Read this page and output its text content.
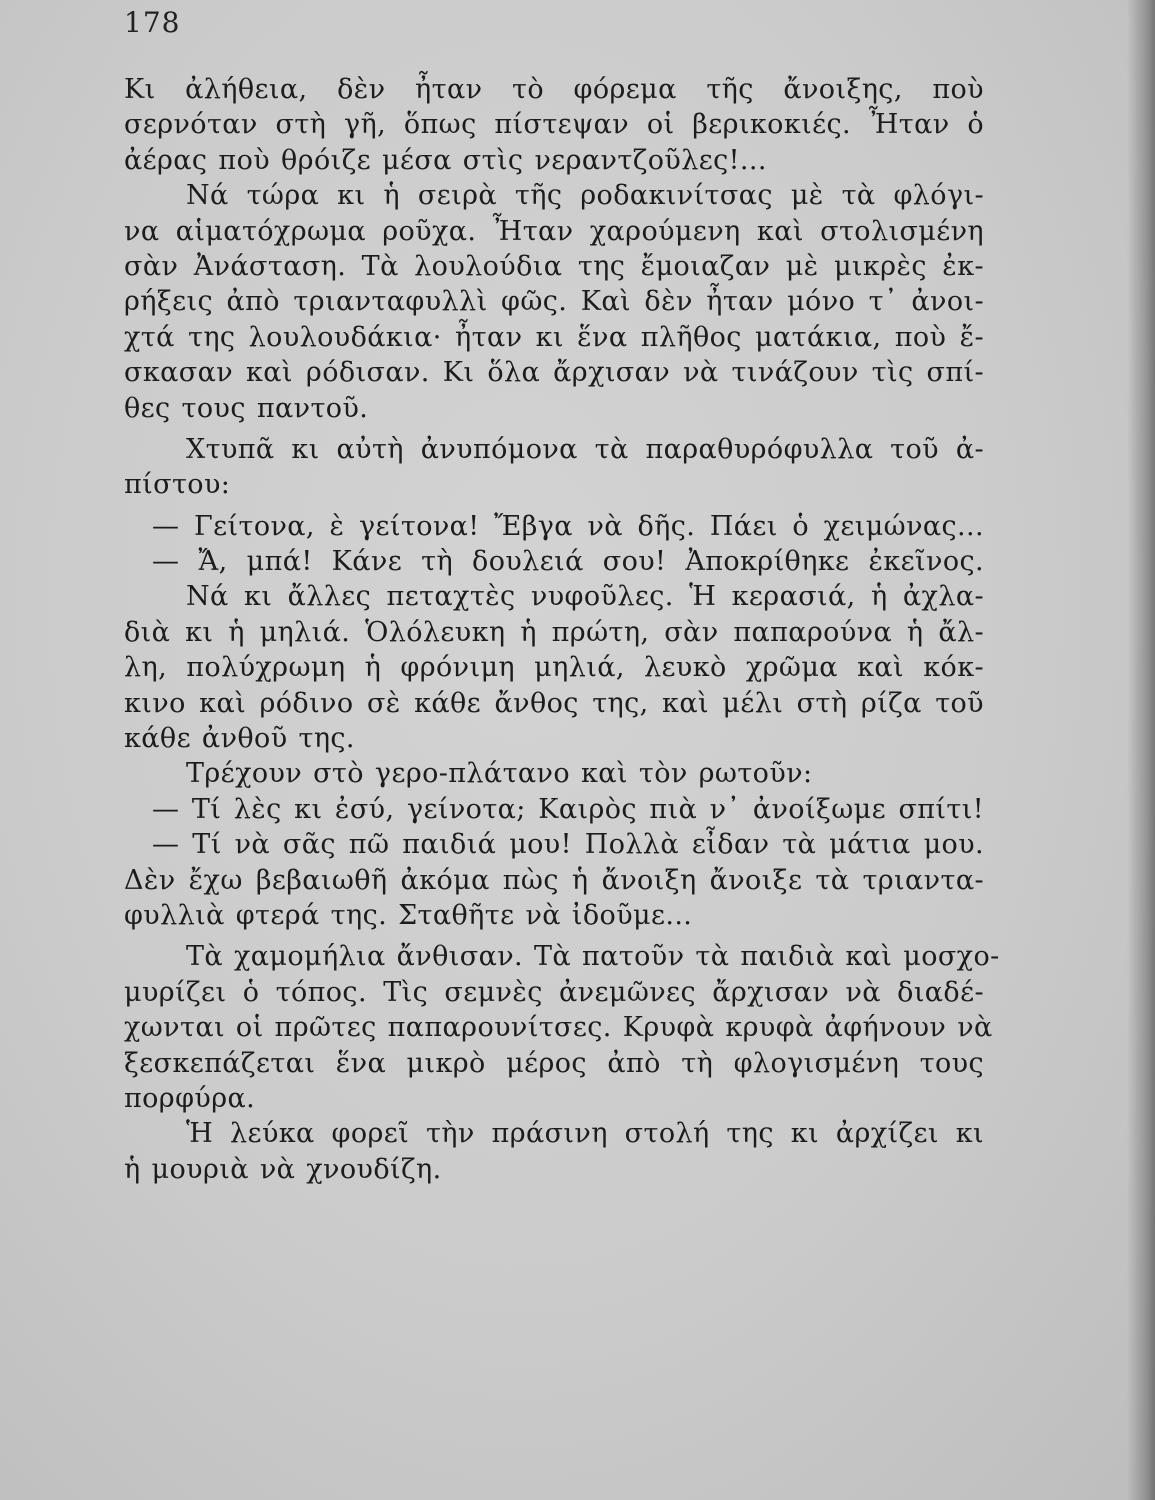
178
Κι ἀλήθεια, δὲν ἦταν τὸ φόρεμα τῆς ἄνοιξης, ποὺ
σερνόταν στὴ γῆ, ὅπως πίστεψαν οἱ βερικοκιές. Ἦταν ὁ
ἀέρας ποὺ θρόιζε μέσα στὶς νεραντζοῦλες!...
Νά τώρα κι ἡ σειρὰ τῆς ροδακινίτσας μὲ τὰ φλόγι-
να αἱματόχρωμα ροῦχα. Ἦταν χαρούμενη καὶ στολισμένη
σὰν Ἀνάσταση. Τὰ λουλούδια της ἔμοιαζαν μὲ μικρὲς ἐκ-
ρήξεις ἀπὸ τριανταφυλλὶ φῶς. Καὶ δὲν ἦταν μόνο τ᾽ ἀνοι-
χτά της λουλουδάκια· ἦταν κι ἕνα πλῆθος ματάκια, ποὺ ἔ-
σκασαν καὶ ρόδισαν. Κι ὅλα ἄρχισαν νὰ τινάζουν τὶς σπί-
θες τους παντοῦ.
Χτυπᾶ κι αὐτὴ ἀνυπόμονα τὰ παραθυρόφυλλα τοῦ ἀ-
πίστου:
— Γείτονα, ὲ γείτονα! Ἔβγα νὰ δῆς. Πάει ὁ χειμώνας...
— Ἄ, μπά! Κάνε τὴ δουλειά σου! Ἀποκρίθηκε ἐκεῖνος.
Νά κι ἄλλες πεταχτὲς νυφοῦλες. Ἡ κερασιά, ἡ ἀχλα-
διὰ κι ἡ μηλιά. Ὁλόλευκη ἡ πρώτη, σὰν παπαρούνα ἡ ἄλ-
λη, πολύχρωμη ἡ φρόνιμη μηλιά, λευκὸ χρῶμα καὶ κόκ-
κινο καὶ ρόδινο σὲ κάθε ἄνθος της, καὶ μέλι στὴ ρίζα τοῦ
κάθε ἀνθοῦ της.
Τρέχουν στὸ γερο-πλάτανο καὶ τὸν ρωτοῦν:
— Τί λὲς κι ἐσύ, γείνοτα; Καιρὸς πιὰ ν᾽ ἀνοίξωμε σπίτι!
— Τί νὰ σᾶς πῶ παιδιά μου! Πολλὰ εἶδαν τὰ μάτια μου.
Δὲν ἔχω βεβαιωθῆ ἀκόμα πὼς ἡ ἄνοιξη ἄνοιξε τὰ τριαντα-
φυλλιὰ φτερά της. Σταθῆτε νὰ ἰδοῦμε...
Τὰ χαμομήλια ἄνθισαν. Τὰ πατοῦν τὰ παιδιὰ καὶ μοσχο-
μυρίζει ὁ τόπος. Τὶς σεμνὲς ἀνεμῶνες ἄρχισαν νὰ διαδέ-
χωνται οἱ πρῶτες παπαρουνίτσες. Κρυφὰ κρυφὰ ἀφήνουν νὰ
ξεσκεπάζεται ἕνα μικρὸ μέρος ἀπὸ τὴ φλογισμένη τους
πορφύρα.
Ἡ λεύκα φορεῖ τὴν πράσινη στολή της κι ἀρχίζει κι
ἡ μουριὰ νὰ χνουδίζη.
